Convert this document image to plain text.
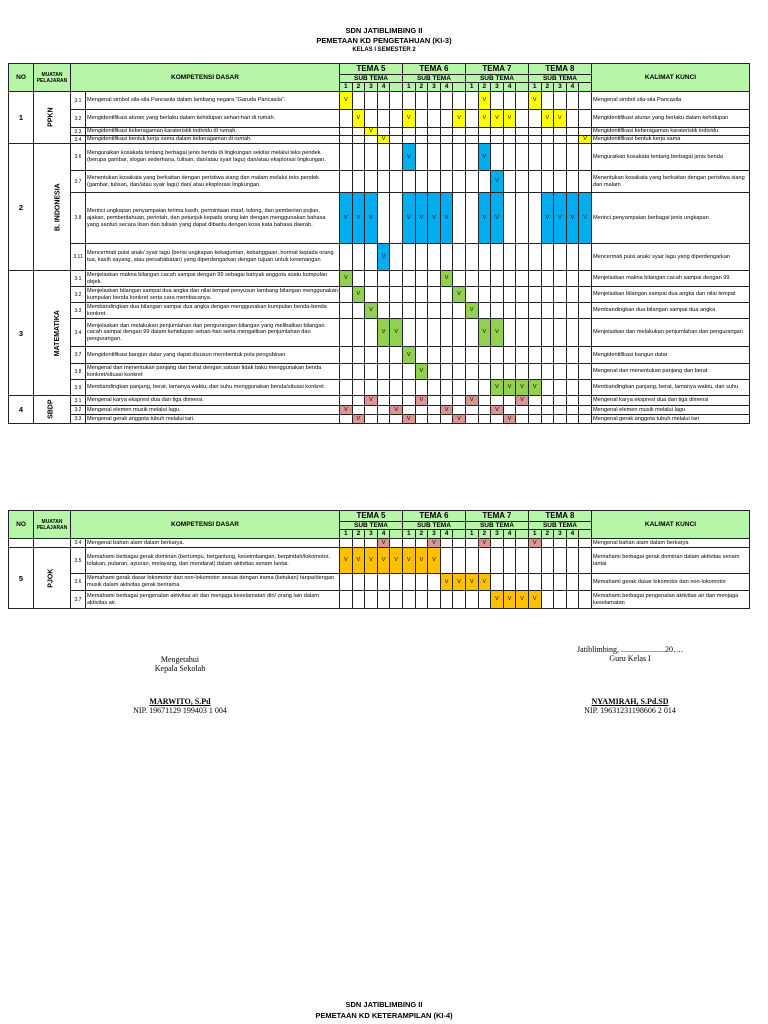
SDN JATIBLIMBING II
PEMETAAN KD PENGETAHUAN (KI-3)
KELAS I SEMESTER 2
NO	MUATAN PELAJARAN	KOMPETENSI DASAR		TEMA 5					TEMA 6					TEMA 7					TEMA 8					KALIMAT KUNCI
				SUB TEMA					SUB TEMA					SUB TEMA					SUB TEMA					
				1	2	3	4		1	2	3	4		1	2	3	4		1	2	3	4		
1	PPKN	3.1	Mengenal simbol sila-sila Pancasila dalam lambang negara “Garuda Pancasila”.	V											V				V					Mengenal simbol sila-sila Pancasila
		3.2	Mengidentifikasi aturan yang berlaku dalam kehidupan sehari-hari di rumah.		V				V				V		V	V	V			V	V			Mengidentifikasi aturan yang berlaku dalam kehidupan
		3.3	Mengidentifikasi keberagaman karateristik individu di rumah.			V																		Mengidentifikasi keberagaman karateristik individu
		3.4	Mengidentifikasi bentuk kerja sama dalam keberagaman di rumah.				V																V	Mengidentifikasi bentuk kerja sama
2	B. INDONESIA	3.6	Menguraikan kosakata tentang berbagai jenis benda di lingkungan sekitar melalui teks pendek (berupa gambar, slogan sederhana, tulisan, dan/atau syair lagu) dan/atau eksplorasi lingkungan.						V						V									Menguraikan kosakata tentang berbagai jenis benda
		3.7	Menentukan kosakata yang berkaitan dengan peristiwa siang dan malam melalui teks pendek (gambar, tulisan, dan/atau syair lagu) dan/ atau eksplorasi lingkungan.													V								Menentukan kosakata yang berkaitan dengan peristiwa siang dan malam
		3.8	Merinci ungkapan penyampaian terima kasih, permintaan maaf, tolong, dan pemberian pujian, ajakan, pemberitahuan, perintah, dan petunjuk kepada orang lain dengan menggunakan bahasa yang santun secara lisan dan tulisan yang dapat dibantu dengan kosa kata bahasa daerah.	V	V	V			V	V	V	V			V	V				V	V	V	V	Merinci penyampaian berbagai jenis ungkapan
		3.11	Mencermati puisi anak/ syair lagu (berisi ungkapan kekaguman, kebanggaan, hormat kepada orang tua, kasih sayang, atau persahabatan) yang diperdengarkan dengan tujuan untuk kesenangan				V																	Mencermati puisi anak/ syair lagu yang diperdengarkan
3	MATEMATIKA	3.1	Menjelaskan makna bilangan cacah sampai dengan 99 sebagai banyak anggota suatu kumpulan objek.	V								V												Menjelaskan makna bilangan cacah sampai dengan 99
		3.2	Menjelaskan bilangan sampai dua angka dan nilai tempat penyusun lambang bilangan menggunakan kumpulan benda konkret serta cara membacanya.		V								V											Menjelaskan bilangan sampai dua angka dan nilai tempat
		3.3	Membandingkan dua bilangan sampai dua angka dengan menggunakan kumpulan benda-benda konkret.			V								V										Membandingkan dua bilangan sampai dua angka
		3.4	Menjelaskan dan melakukan penjumlahan dan pengurangan bilangan yang melibatkan bilangan cacah sampai dengan 99 dalam kehidupan sehari-hari serta mengaitkan penjumlahan dan pengurangan.				V	V							V	V								Menjelaskan dan melakukan penjumlahan dan pengurangan
		3.7	Mengidentifikasi bangun datar yang dapat disusun membentuk pola pengubinan						V															Mengidentifikasi bangun datar
		3.8	Mengenal dan menentukan panjang dan berat dengan satuan tidak baku menggunakan benda konkret/situasi konkret							V														Mengenal dan menentukan panjang dan berat
		3.9	Membandingkan panjang, berat, lamanya waktu, dan suhu menggunakan benda/situasi konkret.													V	V	V	V					Membandingkan panjang, berat, lamanya waktu, dan suhu
4	SBDP	3.1	Mengenal karya ekspresi dua dan tiga dimensi.			V				V				V				V						Mengenal karya ekspresi dua dan tiga dimensi
		3.2	Mengenal elemen musik melalui lagu.	V				V				V				V								Mengenal elemen musik melalui lagu
		3.3	Mengenal gerak anggota tubuh melalui tari.		V				V				V				V							Mengenal gerak anggota tubuh melalui tari
NO	MUATAN PELAJARAN	KOMPETENSI DASAR		TEMA 5					TEMA 6					TEMA 7					TEMA 8					KALIMAT KUNCI
				SUB TEMA					SUB TEMA					SUB TEMA					SUB TEMA					
				1	2	3	4		1	2	3	4		1	2	3	4		1	2	3	4		
		3.4	Mengenal bahan alam dalam berkarya.				V				V				V				V					Mengenal bahan alam dalam berkarya
5	PJOK	3.5	Memahami berbagai gerak dominan (bertumpu, bergantung, keseimbangan, berpindah/lokomotor, tolakan, putaran, ayunan, melayang, dan mendarat) dalam aktivitas senam lantai.	V	V	V	V	V	V	V	V													Memahami berbagai gerak dominan dalam aktivitas senam lantai
		3.6	Memahami gerak dasar lokomotor dan non-lokomotor sesuai dengan irama (ketukan) tanpa/dengan musik dalam aktivitas gerak berirama									V	V	V	V									Memahami gerak dasar lokomotor dan non-lokomotor
		3.7	Memahami berbagai pengenalan aktivitas air dan menjaga keselamatan diri/ orang lain dalam aktivitas air.													V	V	V	V					Memahami berbagai pengenalan aktivitas air dan menjaga keselamatan
Mengetahui
Kepala Sekolah
MARWITO, S.Pd
NIP. 19671129 199403 1 004
Jatiblimbing, ......................20….
Guru Kelas I
NYAMIRAH, S.Pd.SD
NIP. 19631231198606 2 014
SDN JATIBLIMBING II
PEMETAAN KD KETERAMPILAN (KI-4)
